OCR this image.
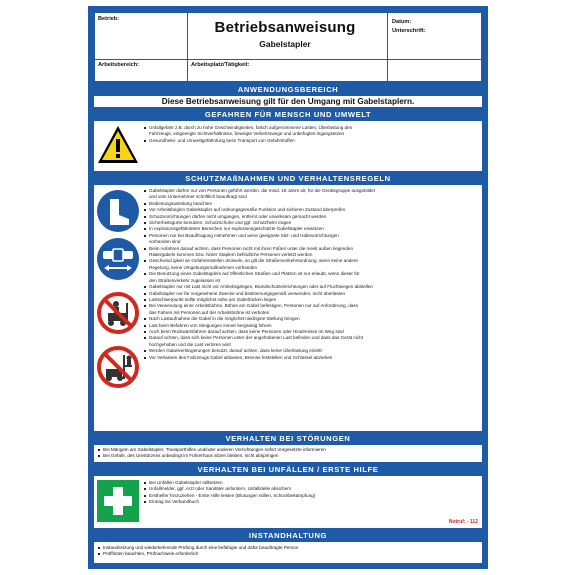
Betrieb:	Betriebsanweisung
Gabelstapler
Datum:
Unterschrift:
Arbeitsbereich:	Arbeitsplatz/Tätigkeit:
ANWENDUNGSBEREICH
Diese Betriebsanweisung gilt für den Umgang mit Gabelstaplern.
GEFAHREN FÜR MENSCH UND UMWELT
Unfallgefahr z.B. durch zu hohe Geschwindigkeiten, falsch aufgenommene Lasten, Überlastung des
Fahrzeugs, eingeengte Sichtverhältnisse, bewegte Verkehrswege und unbefugtes Ingangsetzen
Gesundheits- und Umweltgefährdung beim Transport von Gefahrstoffen
SCHUTZMAßNAHMEN UND VERHALTENSREGELN
Gabelstapler dürfen nur von Personen geführt werden, die mind. 18 Jahre alt, für die Gerätegruppe ausgebildet
und vom Unternehmer schriftlich beauftragt sind
Bedienungsanleitung beachten
Vor Arbeitsbeginn Gabelstapler auf ordnungsgemäße Funktion und sicheren Zustand überprüfen
Schutzvorrichtungen dürfen nicht umgangen, entfernt oder unwirksam gemacht werden
Sicherheitsgurte benutzen, Schutzschuhe und ggf. Schutzhelm tragen
In explosionsgefährdeten Bereichen nur explosionsgeschützte Gabelstapler einsetzen
Personen nur bei Beauftragung mitnehmen und wenn geeignete Sitz- und Haltevorrichtungen
vorhanden sind
Beim Anfahren darauf achten, dass Personen nicht mit ihren Füßen unter die meist außen liegenden
Rädergabeln kommen bzw. hinter Staplern befindliche Personen verletzt werden
Geschwind igkeit an Gefahrenstellen drosseln, so gilt die Straßenverkehrsordnung, wenn keine andere
Regelung, keine Umgebungsmaßnahmen vorhanden
Die Benutzung eines Gabelstaplers auf öffentlichen Straßen und Plätzen ist nur erlaubt, wenn dieser für
den Straßenverkehr zugelassen ist
Gabelstapler nur mit Last nicht vor Antriebsgängen, Brandschutzeinrichtungen oder auf Fluchtwegen abstellen
Gabelstapler nur für vorgesehene Zwecke und bestimmungsgemäß verwenden, nicht überlasten
Lastschwerpunkt sollte möglichst nahe am Gabelrücken liegen
Bei Verwendung einer Arbeitsbühne, Bühne am Gabel befestigen, Personen nur auf Anforderung, dass
das Fahren mit Personen auf der Arbeitsbühne ist verboten
Nach Lastaufnahme die Gabel in die möglichst niedrigste Stellung bringen
Last beim Befahren von Steigungen immer bergseitig führen
Auch beim Rückwärtsfahren darauf achten, dass keine Personen oder Hindernisse im Weg sind
Darauf achten, dass sich keine Personen unter der angehobenen Last befinden und dass das Gerät nicht
hochgehoben und die Last verloren wird
Werden Gabelverlängerungen benutzt, darauf achten, dass keine Überlastung eintritt
Vor Verlassen des Fahrzeugs Gabel ablassen, Bremse feststellen und Schlüssel abziehen
VERHALTEN BEI STÖRUNGEN
Bei Mängeln am Gabelstapler, Transporthilfen und/oder anderen Vorrichtungen sofort Vorgesetzte informieren
Bei Gefahr, des Umstürzens unbedingt im Führerhaus sitzen bleiben, nicht abspringen
VERHALTEN BEI UNFÄLLEN / ERSTE HILFE
Bei Unfällen Gabelstapler stillsetzen
Unfallmelder, ggf. Arzt oder Sanitäter anfordern, Unfallstelle absichern
Ersthelfer hinzuziehen - Erste Hilfe leisten (Blutungen stillen, Schockbekämpfung)
Eintrag ins Verbandbuch
Notruf: - 112
INSTANDHALTUNG
Instandsetzung und wiederkehrende Prüfung durch eine befähigte und dafür beauftragte Person
Prüffristen beachten, Prüfnachweis erforderlich
